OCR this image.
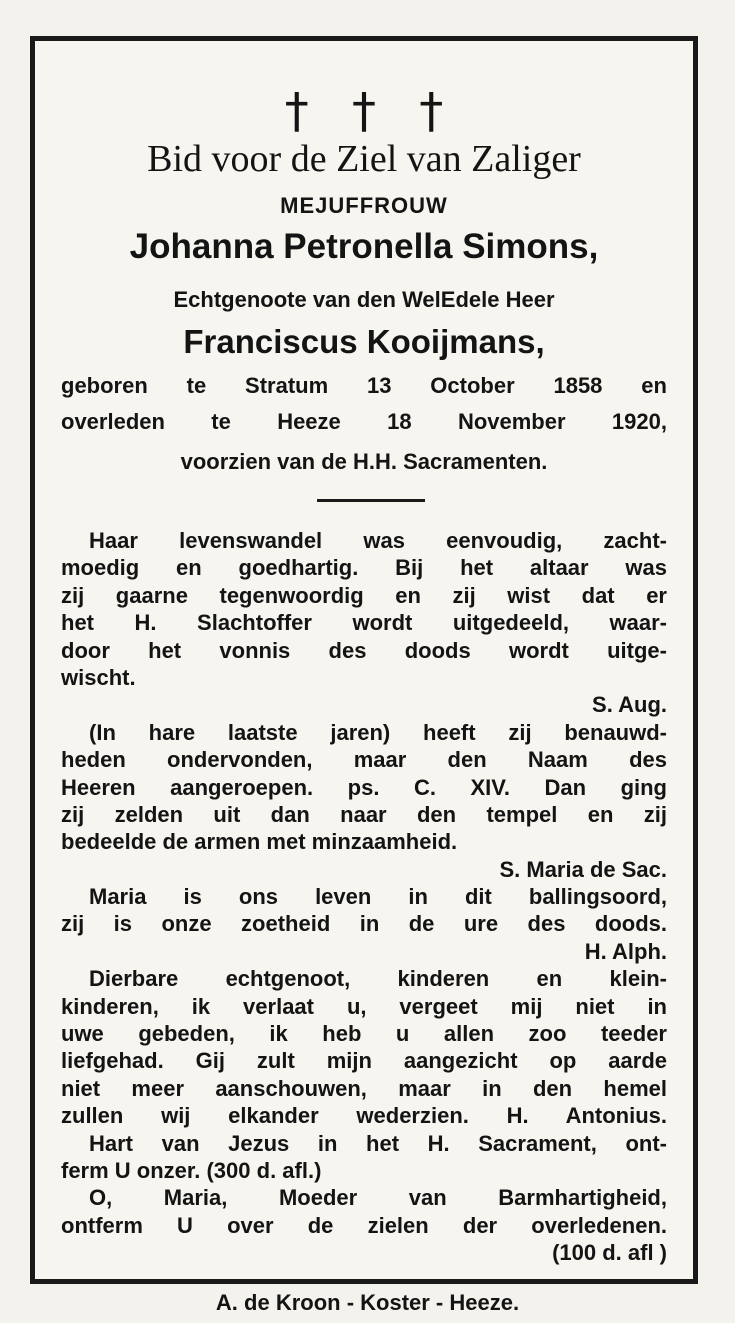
† † †
Bid voor de Ziel van Zaliger
MEJUFFROUW
Johanna Petronella Simons,
Echtgenoote van den WelEdele Heer
Franciscus Kooijmans,
geboren te Stratum 13 October 1858 en
overleden te Heeze 18 November 1920,
voorzien van de H.H. Sacramenten.
Haar levenswandel was eenvoudig, zacht-
moedig en goedhartig. Bij het altaar was
zij gaarne tegenwoordig en zij wist dat er
het H. Slachtoffer wordt uitgedeeld, waar-
door het vonnis des doods wordt uitge-
wischt.
S. Aug.
(In hare laatste jaren) heeft zij benauwd-
heden ondervonden, maar den Naam des
Heeren aangeroepen. ps. C. XIV. Dan ging
zij zelden uit dan naar den tempel en zij
bedeelde de armen met minzaamheid.
S. Maria de Sac.
Maria is ons leven in dit ballingsoord,
zij is onze zoetheid in de ure des doods.
H. Alph.
Dierbare echtgenoot, kinderen en klein-
kinderen, ik verlaat u, vergeet mij niet in
uwe gebeden, ik heb u allen zoo teeder
liefgehad. Gij zult mijn aangezicht op aarde
niet meer aanschouwen, maar in den hemel
zullen wij elkander wederzien. H. Antonius.
Hart van Jezus in het H. Sacrament, ont-
ferm U onzer. (300 d. afl.)
O, Maria, Moeder van Barmhartigheid,
ontferm U over de zielen der overledenen.
(100 d. afl )
A. de Kroon - Koster - Heeze.
